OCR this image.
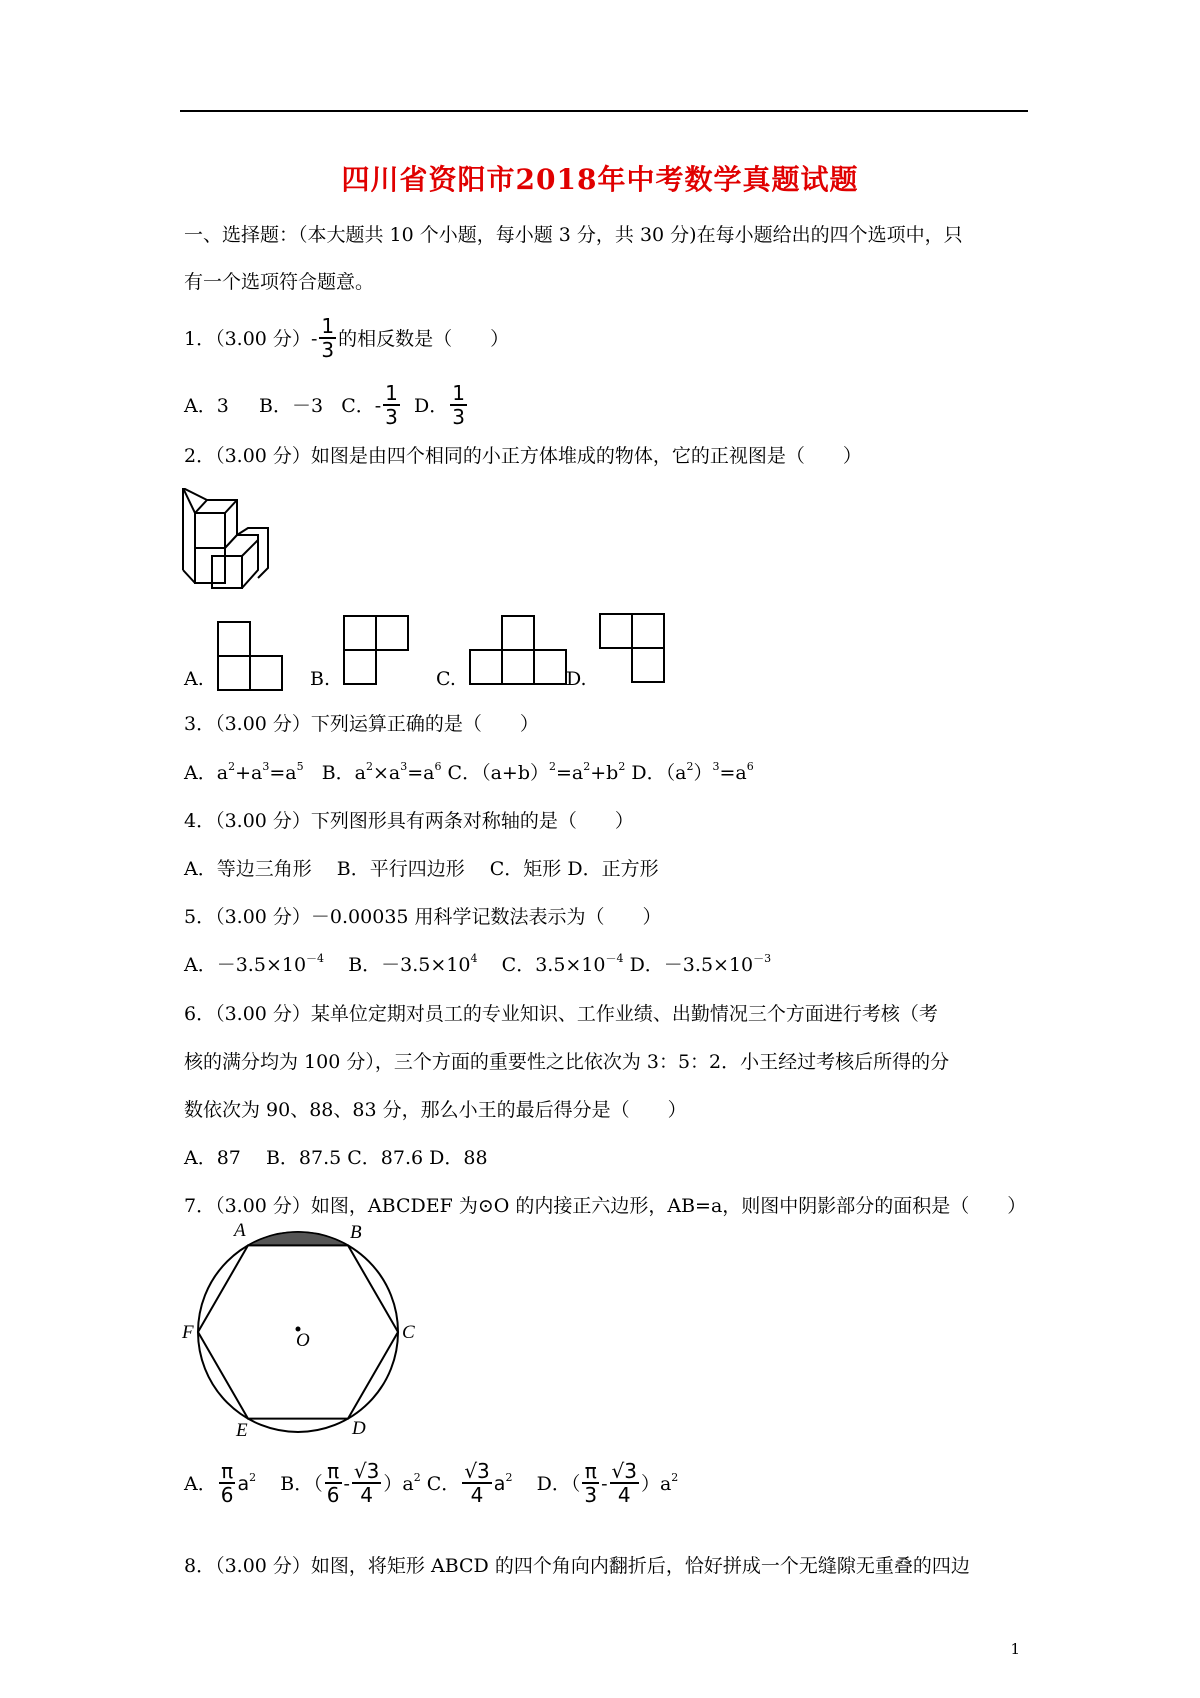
四川省资阳市2018年中考数学真题试题
一、选择题：（本大题共 10 个小题，每小题 3 分，共 30 分)在每小题给出的四个选项中，只
有一个选项符合题意。
1．（3.00 分）- $\frac{1}{3}$ 的相反数是（　　）
A．3 B．－3 C．- $\frac{1}{3}$ D． $\frac{1}{3}$
2．（3.00 分）如图是由四个相同的小正方体堆成的物体，它的正视图是（　　）
A.	B.	C.	D.
3．（3.00 分）下列运算正确的是（　　）
A．$a^2+a^3=a^5$ B．$a^2\times a^3=a^6$ C．$(a+b)^2=a^2+b^2$ D．$(a^2)^3=a^6$
4．（3.00 分）下列图形具有两条对称轴的是（　　）
A．等边三角形　 B．平行四边形　 C．矩形 D．正方形
5．（3.00 分）－0.00035 用科学记数法表示为（　　）
A．$-3.5\times 10^{-4}$ B．$-3.5\times 10^4$ C．$3.5\times 10^{-4}$ D．$-3.5\times 10^{-3}$
6．（3.00 分）某单位定期对员工的专业知识、工作业绩、出勤情况三个方面进行考核（考
核的满分均为 100 分），三个方面的重要性之比依次为 3：5：2．小王经过考核后所得的分
数依次为 90、88、83 分，那么小王的最后得分是（　　）
A．87　 B．87.5 C．87.6 D．88
7．（3.00 分）如图，ABCDEF 为⊙O 的内接正六边形，AB=a，则图中阴影部分的面积是（　　）
A	B
C
D
E
F	O
A． $\frac{\pi}{6} a^2$ B．（ $\frac{\pi}{6} - \frac{√3}{4} )a^2$ C． $\frac{√3}{4} a^2$ D．（ $\frac{\pi}{3} - \frac{√3}{4} )a^2$
8．（3.00 分）如图，将矩形 ABCD 的四个角向内翻折后，恰好拼成一个无缝隙无重叠的四边
1
